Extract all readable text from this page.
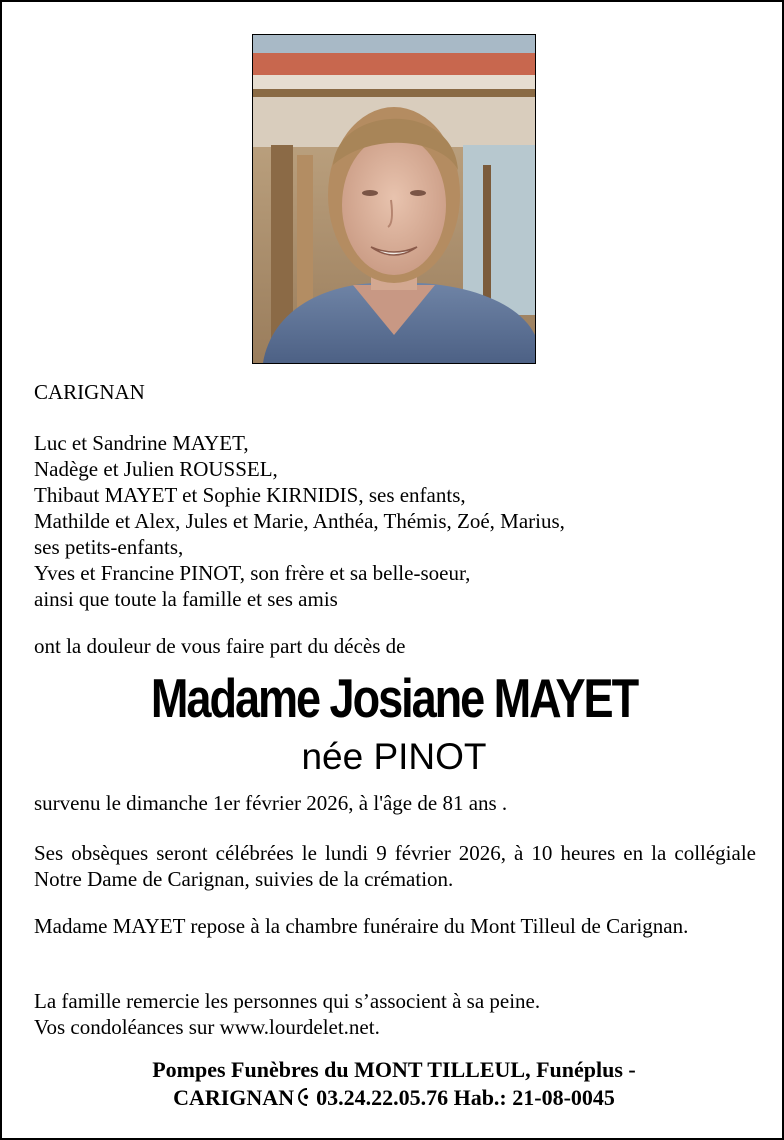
CARIGNAN
Luc et Sandrine MAYET,
Nadège et Julien ROUSSEL,
Thibaut MAYET et Sophie KIRNIDIS, ses enfants,
Mathilde et Alex, Jules et Marie, Anthéa, Thémis, Zoé, Marius,
ses petits-enfants,
Yves et Francine PINOT, son frère et sa belle-soeur,
ainsi que toute la famille et ses amis
ont la douleur de vous faire part du décès de
Madame Josiane MAYET
née PINOT
survenu le dimanche 1er février 2026, à l'âge de 81 ans .
Ses obsèques seront célébrées le lundi 9 février 2026, à 10 heures en la collégiale Notre Dame de Carignan, suivies de la crémation.
Madame MAYET repose à la chambre funéraire du Mont Tilleul de Carignan.
La famille remercie les personnes qui s’associent à sa peine.
Vos condoléances sur www.lourdelet.net.
Pompes Funèbres du MONT TILLEUL, Funéplus -
CARIGNAN 03.24.22.05.76 Hab.: 21-08-0045
